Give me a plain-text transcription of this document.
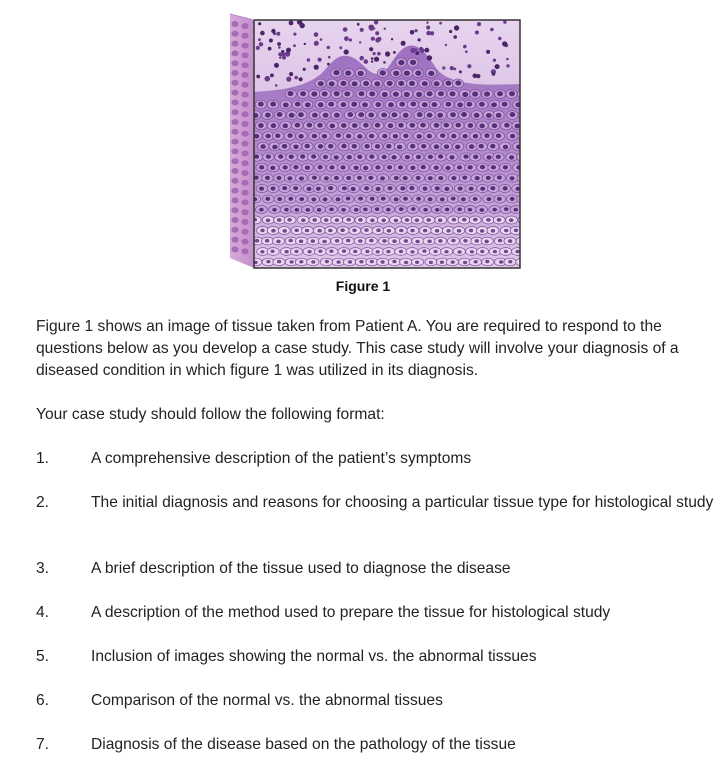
Figure 1

Figure 1 shows an image of tissue taken from Patient A. You are required to respond to the questions below as you develop a case study. This case study will involve your diagnosis of a diseased condition in which figure 1 was utilized in its diagnosis.

Your case study should follow the following format:

1.	A comprehensive description of the patient’s symptoms
2.	The initial diagnosis and reasons for choosing a particular tissue type for histological study
3.	A brief description of the tissue used to diagnose the disease
4.	A description of the method used to prepare the tissue for histological study
5.	Inclusion of images showing the normal vs. the abnormal tissues
6.	Comparison of the normal vs. the abnormal tissues
7.	Diagnosis of the disease based on the pathology of the tissue
